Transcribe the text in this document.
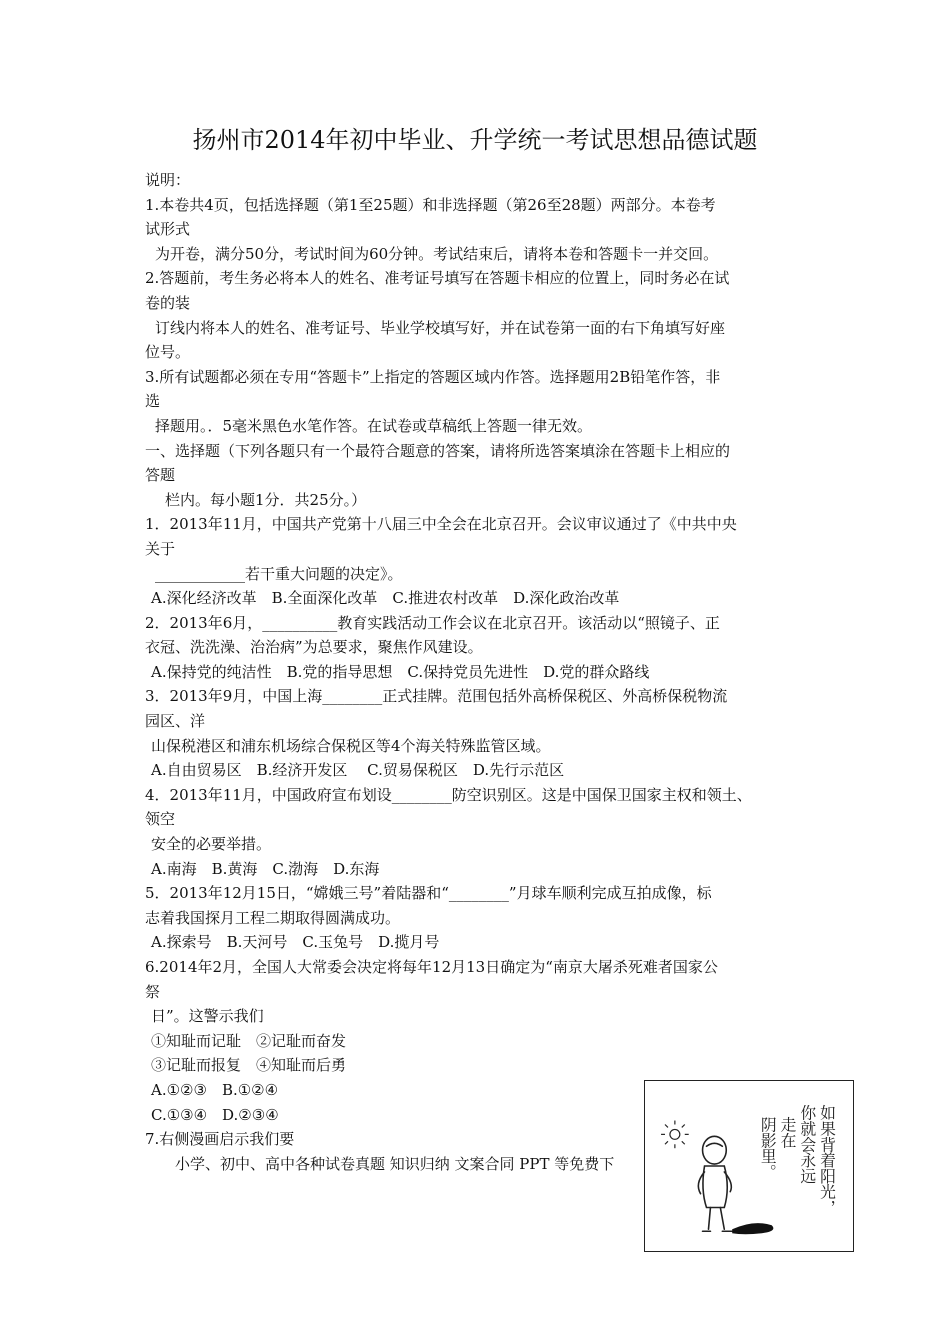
扬州市2014年初中毕业、升学统一考试思想品德试题
说明：
1.本卷共4页，包括选择题（第1至25题）和非选择题（第26至28题）两部分。本卷考
试形式
为开卷，满分50分，考试时间为60分钟。考试结束后，请将本卷和答题卡一并交回。
2.答题前，考生务必将本人的姓名、准考证号填写在答题卡相应的位置上，同时务必在试
卷的装
订线内将本人的姓名、准考证号、毕业学校填写好，并在试卷第一面的右下角填写好座
位号。
3.所有试题都必须在专用“答题卡”上指定的答题区域内作答。选择题用2B铅笔作答，非
选
择题用。．5毫米黑色水笔作答。在试卷或草稿纸上答题一律无效。
一、选择题（下列各题只有一个最符合题意的答案，请将所选答案填涂在答题卡上相应的
答题
栏内。每小题1分．共25分。）
1．2013年11月，中国共产党第十八届三中全会在北京召开。会议审议通过了《中共中央
关于
____________若干重大问题的决定》。
A.深化经济改革　B.全面深化改革　C.推进农村改革　D.深化政治改革
2．2013年6月，__________教育实践活动工作会议在北京召开。该活动以“照镜子、正
衣冠、洗洗澡、治治病”为总要求，聚焦作风建设。
A.保持党的纯洁性　B.党的指导思想　C.保持党员先进性　D.党的群众路线
3．2013年9月，中国上海________正式挂牌。范围包括外高桥保税区、外高桥保税物流
园区、洋
山保税港区和浦东机场综合保税区等4个海关特殊监管区域。
A.自由贸易区　B.经济开发区　 C.贸易保税区　D.先行示范区
4．2013年11月，中国政府宣布划设________防空识别区。这是中国保卫国家主权和领土、
领空
安全的必要举措。
A.南海　B.黄海　C.渤海　D.东海
5．2013年12月15日，“嫦娥三号”着陆器和“________”月球车顺利完成互拍成像，标
志着我国探月工程二期取得圆满成功。
A.探索号　B.天河号　C.玉兔号　D.揽月号
6.2014年2月，全国人大常委会决定将每年12月13日确定为“南京大屠杀死难者国家公
祭
日”。这警示我们
①知耻而记耻　②记耻而奋发
③记耻而报复　④知耻而后勇
A.①②③　B.①②④
C.①③④　D.②③④
7.右侧漫画启示我们要
小学、初中、高中各种试卷真题 知识归纳 文案合同 PPT 等免费下	如果背着阳光，
你就会永远
走在
阴影里。
